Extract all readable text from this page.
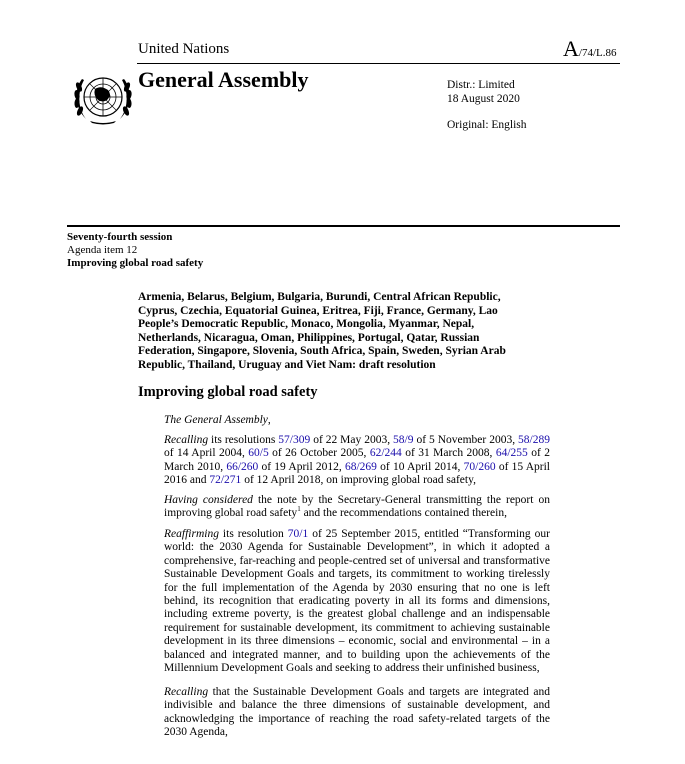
United Nations	A/74/L.86
General Assembly	Distr.: Limited
18 August 2020
Original: English
Seventy-fourth session
Agenda item 12
Improving global road safety
Armenia, Belarus, Belgium, Bulgaria, Burundi, Central African Republic, Cyprus, Czechia, Equatorial Guinea, Eritrea, Fiji, France, Germany, Lao People’s Democratic Republic, Monaco, Mongolia, Myanmar, Nepal, Netherlands, Nicaragua, Oman, Philippines, Portugal, Qatar, Russian Federation, Singapore, Slovenia, South Africa, Spain, Sweden, Syrian Arab Republic, Thailand, Uruguay and Viet Nam: draft resolution
Improving global road safety
The General Assembly,
Recalling its resolutions 57/309 of 22 May 2003, 58/9 of 5 November 2003, 58/289 of 14 April 2004, 60/5 of 26 October 2005, 62/244 of 31 March 2008, 64/255 of 2 March 2010, 66/260 of 19 April 2012, 68/269 of 10 April 2014, 70/260 of 15 April 2016 and 72/271 of 12 April 2018, on improving global road safety,
Having considered the note by the Secretary-General transmitting the report on improving global road safety$^1$ and the recommendations contained therein,
Reaffirming its resolution 70/1 of 25 September 2015, entitled “Transforming our world: the 2030 Agenda for Sustainable Development”, in which it adopted a comprehensive, far-reaching and people-centred set of universal and transformative Sustainable Development Goals and targets, its commitment to working tirelessly for the full implementation of the Agenda by 2030 ensuring that no one is left behind, its recognition that eradicating poverty in all its forms and dimensions, including extreme poverty, is the greatest global challenge and an indispensable requirement for sustainable development, its commitment to achieving sustainable development in its three dimensions – economic, social and environmental – in a balanced and integrated manner, and to building upon the achievements of the Millennium Development Goals and seeking to address their unfinished business,
Recalling that the Sustainable Development Goals and targets are integrated and indivisible and balance the three dimensions of sustainable development, and acknowledging the importance of reaching the road safety-related targets of the 2030 Agenda,
